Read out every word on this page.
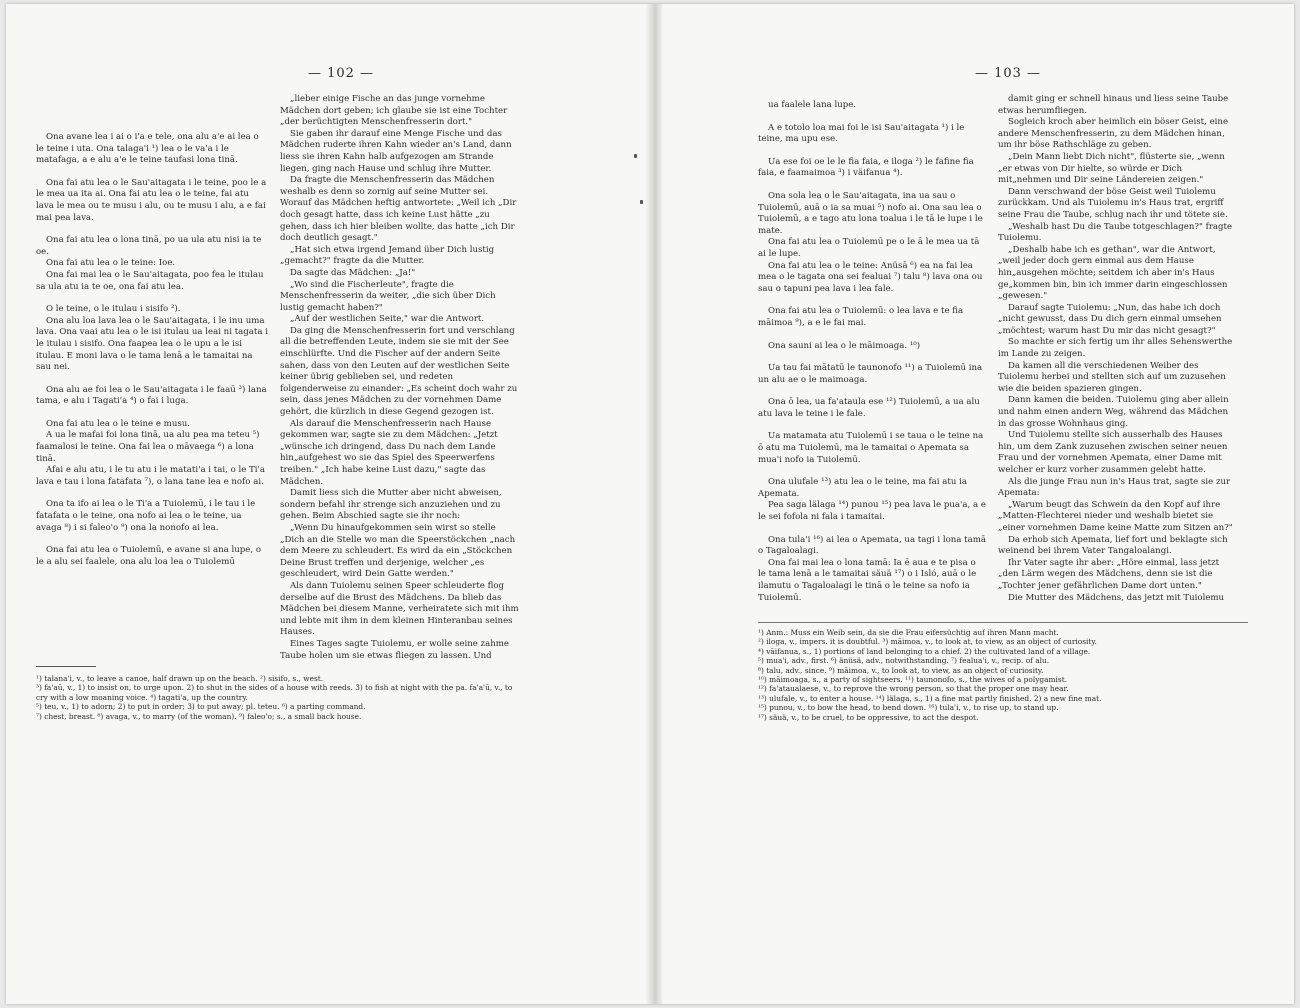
— 102 —

Ona avane lea i ai o i'a e tele, ona alu a'e ai lea o le teine i uta. Ona talaga'i ¹) lea o le va'a i le matafaga, a e alu a'e le teine taufasi lona tinā.

Ona fai atu lea o le Sau'aitagata i le teine, poo le a le mea ua ita ai. Ona fai atu lea o le teine, fai atu lava le mea ou te musu i alu, ou te musu i alu, a e fai mai pea lava.

Ona fai atu lea o lona tinā, po ua ula atu nisi ia te oe.

Ona fai atu lea o le teine: Ioe.

Ona fai mai lea o le Sau'aitagata, poo fea le itulau sa ula atu ia te oe, ona fai atu lea.

O le teine, o le itulau i sisifo ²).

Ona alu loa lava lea o le Sau'aitagata, i le inu uma lava. Ona vaai atu lea o le isi itulau ua leai ni tagata i le itulau i sisifo. Ona faapea lea o le upu a le isi itulau. E moni lava o le tama lenā a le tamaitai na sau nei.

Ona alu ae foi lea o le Sau'aitagata i le faaū ³) lana tama, e alu i Tagati'a ⁴) o fai i luga.

Ona fai atu lea o le teine e musu.

A ua le mafai foi lona tinā, ua alu pea ma teteu ⁵) faamalosi le teine. Ona fai lea o māvaega ⁶) a lona tinā.

Afai e alu atu, i le tu atu i le matati'a i tai, o le Ti'a lava e tau i lona fatafata ⁷), o lana tane lea e nofo ai.

Ona ta ifo ai lea o le Ti'a a Tuiolemū, i le tau i le fatafata o le teine, ona nofo ai lea o le teine, ua avaga ⁸) i si faleo'o ⁹) ona la nonofo ai lea.

Ona fai atu lea o Tuiolemū, e avane si ana lupe, o le a alu sei faalele, ona alu loa lea o Tuiolemū

„lieber einige Fische an das junge vornehme Mädchen dort geben; ich glaube sie ist eine Tochter „der berüchtigten Menschenfresserin dort."

Sie gaben ihr darauf eine Menge Fische und das Mädchen ruderte ihren Kahn wieder an's Land, dann liess sie ihren Kahn halb aufgezogen am Strande liegen, ging nach Hause und schlug ihre Mutter.

Da fragte die Menschenfresserin das Mädchen weshalb es denn so zornig auf seine Mutter sei. Worauf das Mädchen heftig antwortete: „Weil ich „Dir doch gesagt hatte, dass ich keine Lust hätte „zu gehen, dass ich hier bleiben wollte, das hatte „ich Dir doch deutlich gesagt."

„Hat sich etwa irgend Jemand über Dich lustig „gemacht?" fragte da die Mutter.

Da sagte das Mädchen: „Ja!"

„Wo sind die Fischerleute", fragte die Menschenfresserin da weiter, „die sich über Dich lustig gemacht haben?"

„Auf der westlichen Seite," war die Antwort.

Da ging die Menschenfresserin fort und verschlang all die betreffenden Leute, indem sie sie mit der See einschlürfte. Und die Fischer auf der andern Seite sahen, dass von den Leuten auf der westlichen Seite keiner übrig geblieben sei, und redeten folgenderweise zu einander: „Es scheint doch wahr zu sein, dass jenes Mädchen zu der vornehmen Dame gehört, die kürzlich in diese Gegend gezogen ist.

Als darauf die Menschenfresserin nach Hause gekommen war, sagte sie zu dem Mädchen: „Jetzt „wünsche ich dringend, dass Du nach dem Lande hin„aufgehest wo sie das Spiel des Speerwerfens treiben." „Ich habe keine Lust dazu," sagte das Mädchen.

Damit liess sich die Mutter aber nicht abweisen, sondern befahl ihr strenge sich anzuziehen und zu gehen. Beim Abschied sagte sie ihr noch:

„Wenn Du hinaufgekommen sein wirst so stelle „Dich an die Stelle wo man die Speerstöckchen „nach dem Meere zu schleudert. Es wird da ein „Stöckchen Deine Brust treffen und derjenige, welcher „es geschleudert, wird Dein Gatte werden."

Als dann Tuiolemu seinen Speer schleuderte flog derselbe auf die Brust des Mädchens. Da blieb das Mädchen bei diesem Manne, verheiratete sich mit ihm und lebte mit ihm in dem kleinen Hinteranbau seines Hauses.

Eines Tages sagte Tuiolemu, er wolle seine zahme Taube holen um sie etwas fliegen zu lassen. Und

¹) talana'i, v., to leave a canoe, half drawn up on the beach. ²) sisifo, s., west.

³) fa'aū, v., 1) to insist on, to urge upon. 2) to shut in the sides of a house with reeds. 3) to fish at night with the pa. fa'a'ū, v., to cry with a low moaning voice. ⁴) tagati'a, up the country.

⁵) teu, v., 1) to adorn; 2) to put in order; 3) to put away; pl. teteu. ⁶) a parting command.

⁷) chest, breast. ⁸) avaga, v., to marry (of the woman). ⁹) faleo'o; s., a small back house.

— 103 —

ua faalele lana lupe.

A e totolo loa mai foi le isi Sau'aitagata ¹) i le teine, ma upu ese.

Ua ese foi oe le le fia faia, e iloga ²) le fafine fia faia, e faamaimoa ³) i väifanua ⁴).

Ona sola lea o le Sau'aitagata, ina ua sau o Tuiolemū, auā o ia sa muai ⁵) nofo ai. Ona sau lea o Tuiolemū, a e tago atu lona toalua i le tā le lupe i le mate.

Ona fai atu lea o Tuiolemū pe o le ā le mea ua tā ai le lupe.

Ona fai atu lea o le teine: Anüsā ⁶) ea na fai lea mea o le tagata ona sei fealuai ⁷) talu ⁸) lava ona ou sau o tapuni pea lava i lea fale.

Ona fai atu lea o Tuiolemū: o lea lava e te fia māimoa ⁹), a e le fai mai.

Ona sauni ai lea o le māimoaga. ¹⁰)

Ua tau fai mātatū le taunonofo ¹¹) a Tuiolemū ina un alu ae o le maimoaga.

Ona ō lea, ua fa'ataula ese ¹²) Tuiolemū, a ua alu atu lava le teine i le fale.

Ua matamata atu Tuiolemū i se taua o le teine na ō atu ma Tuiolemū, ma le tamaitai o Apemata sa mua'i nofo ia Tuiolemū.

Ona ulufale ¹³) atu lea o le teine, ma fai atu ia Apemata.

Pea saga lälaga ¹⁴) punou ¹⁵) pea lava le pua'a, a e le sei fofola ni fala i tamaitai.

Ona tula'i ¹⁶) ai lea o Apemata, ua tagi i lona tamā o Tagaloalagi.

Ona fai mai lea o lona tamā: Ia ē aua e te pisa o le tama lenā a le tamaitai säuä ¹⁷) o i Isló, auā o le ilamutu o Tagaloalagi le tinā o le teine sa nofo ia Tuiolemū.

damit ging er schnell hinaus und liess seine Taube etwas herumfliegen.

Sogleich kroch aber heimlich ein böser Geist, eine andere Menschenfresserin, zu dem Mädchen hinan, um ihr böse Rathschläge zu geben.

„Dein Mann liebt Dich nicht", flüsterte sie, „wenn „er etwas von Dir hielte, so würde er Dich mit„nehmen und Dir seine Ländereien zeigen."

Dann verschwand der böse Geist weil Tuiolemu zurückkam. Und als Tuiolemu in's Haus trat, ergriff seine Frau die Taube, schlug nach ihr und tötete sie.

„Weshalb hast Du die Taube totgeschlagen?" fragte Tuiolemu.

„Deshalb habe ich es gethan", war die Antwort, „weil jeder doch gern einmal aus dem Hause hin„ausgehen möchte; seitdem ich aber in's Haus ge„kommen bin, bin ich immer darin eingeschlossen „gewesen."

Darauf sagte Tuiolemu: „Nun, das habe ich doch „nicht gewusst, dass Du dich gern einmal umsehen „möchtest; warum hast Du mir das nicht gesagt?"

So machte er sich fertig um ihr alles Sehenswerthe im Lande zu zeigen.

Da kamen all die verschiedenen Weiber des Tuiolemu herbei und stellten sich auf um zuzusehen wie die beiden spazieren gingen.

Dann kamen die beiden. Tuiolemu ging aber allein und nahm einen andern Weg, während das Mädchen in das grosse Wohnhaus ging.

Und Tuiolemu stellte sich ausserhalb des Hauses hin, um dem Zank zuzusehen zwischen seiner neuen Frau und der vornehmen Apemata, einer Dame mit welcher er kurz vorher zusammen gelebt hatte.

Als die junge Frau nun in's Haus trat, sagte sie zur Apemata:

„Warum beugt das Schwein da den Kopf auf ihre „Matten-Flechterei nieder und weshalb bietet sie „einer vornehmen Dame keine Matte zum Sitzen an?"

Da erhob sich Apemata, lief fort und beklagte sich weinend bei ihrem Vater Tangaloalangi.

Ihr Vater sagte ihr aber: „Höre einmal, lass jetzt „den Lärm wegen des Mädchens, denn sie ist die „Tochter jener gefährlichen Dame dort unten."

Die Mutter des Mädchens, das jetzt mit Tuiolemu

¹) Anm.: Muss ein Weib sein, da sie die Frau eifersüchtig auf ihren Mann macht.

²) iloga, v., impers. it is doubtful. ³) māimoa, v., to look at, to view, as an object of curiosity.

⁴) vāifanua, s., 1) portions of land belonging to a chief. 2) the cultivated land of a village.

⁵) mua'i, adv., first. ⁶) änüsä, adv., notwithstanding. ⁷) fealua'i, v., recip. of alu.

⁸) talu, adv., since. ⁹) māimoa, v., to look at, to view, as an object of curiosity.

¹⁰) māimoaga, s., a party of sightseers. ¹¹) taunonofo, s., the wives of a polygamist.

¹²) fa'ataualaese, v., to reprove the wrong person, so that the proper one may hear.

¹³) ulufale, v., to enter a house. ¹⁴) lälaga, s., 1) a fine mat partly finished. 2) a new fine mat.

¹⁵) punou, v., to bow the head, to bend down. ¹⁶) tula'i, v., to rise up, to stand up.

¹⁷) säuä, v., to be cruel, to be oppressive, to act the despot.
